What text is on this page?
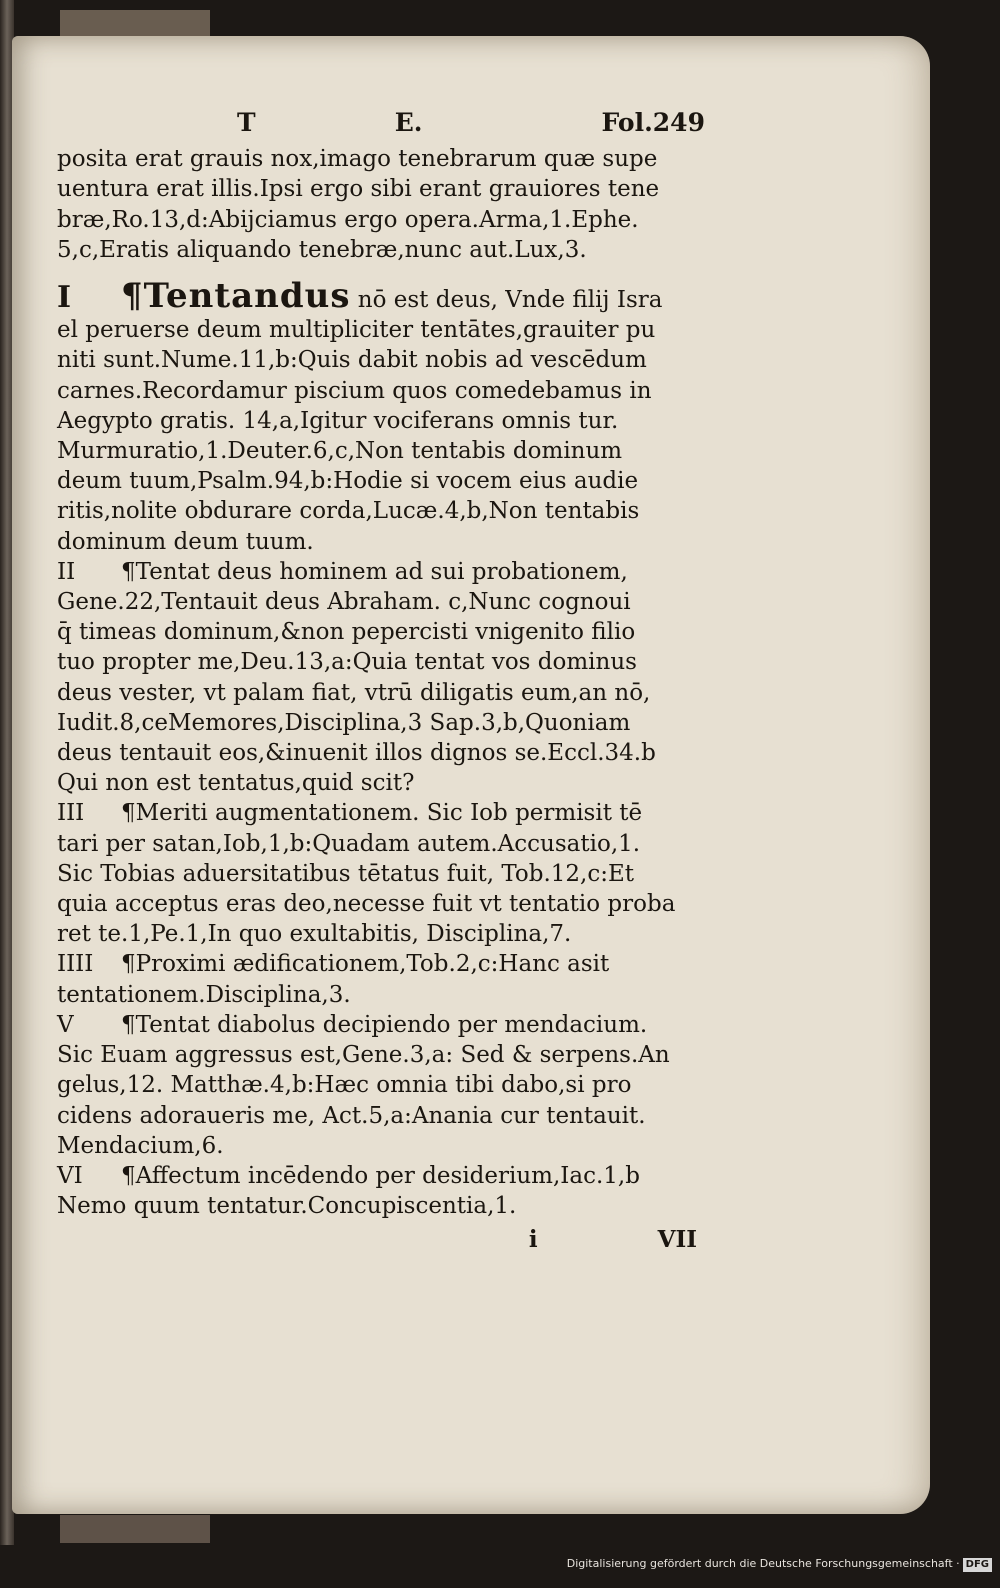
T	E.	Fol.249
posita erat grauis nox,imago tenebrarum quæ supe
uentura erat illis.Ipsi ergo sibi erant grauiores tene
bræ,Ro.13,d:Abijciamus ergo opera.Arma,1.Ephe.
5,c,Eratis aliquando tenebræ,nunc aut.Lux,3.
I ¶Tentandus nō est deus, Vnde filij Isra
el peruerse deum multipliciter tentātes,grauiter pu
niti sunt.Nume.11,b:Quis dabit nobis ad vescēdum
carnes.Recordamur piscium quos comedebamus in
Aegypto gratis. 14,a,Igitur vociferans omnis tur.
Murmuratio,1.Deuter.6,c,Non tentabis dominum
deum tuum,Psalm.94,b:Hodie si vocem eius audie
ritis,nolite obdurare corda,Lucæ.4,b,Non tentabis
dominum deum tuum.
II ¶Tentat deus hominem ad sui probationem,
Gene.22,Tentauit deus Abraham. c,Nunc cognoui
q̄ timeas dominum,&non pepercisti vnigenito filio
tuo propter me,Deu.13,a:Quia tentat vos dominus
deus vester, vt palam fiat, vtrū diligatis eum,an nō,
Iudit.8,ceMemores,Disciplina,3 Sap.3,b,Quoniam
deus tentauit eos,&inuenit illos dignos se.Eccl.34.b
Qui non est tentatus,quid scit?
III ¶Meriti augmentationem. Sic Iob permisit tē
tari per satan,Iob,1,b:Quadam autem.Accusatio,1.
Sic Tobias aduersitatibus tētatus fuit, Tob.12,c:Et
quia acceptus eras deo,necesse fuit vt tentatio proba
ret te.1,Pe.1,In quo exultabitis, Disciplina,7.
IIII ¶Proximi ædificationem,Tob.2,c:Hanc asit
tentationem.Disciplina,3.
V ¶Tentat diabolus decipiendo per mendacium.
Sic Euam aggressus est,Gene.3,a: Sed & serpens.An
gelus,12. Matthæ.4,b:Hæc omnia tibi dabo,si pro
cidens adoraueris me, Act.5,a:Anania cur tentauit.
Mendacium,6.
VI ¶Affectum incēdendo per desiderium,Iac.1,b
Nemo quum tentatur.Concupiscentia,1.
i	VII
Digitalisierung gefördert durch die Deutsche Forschungsgemeinschaft · DFG
